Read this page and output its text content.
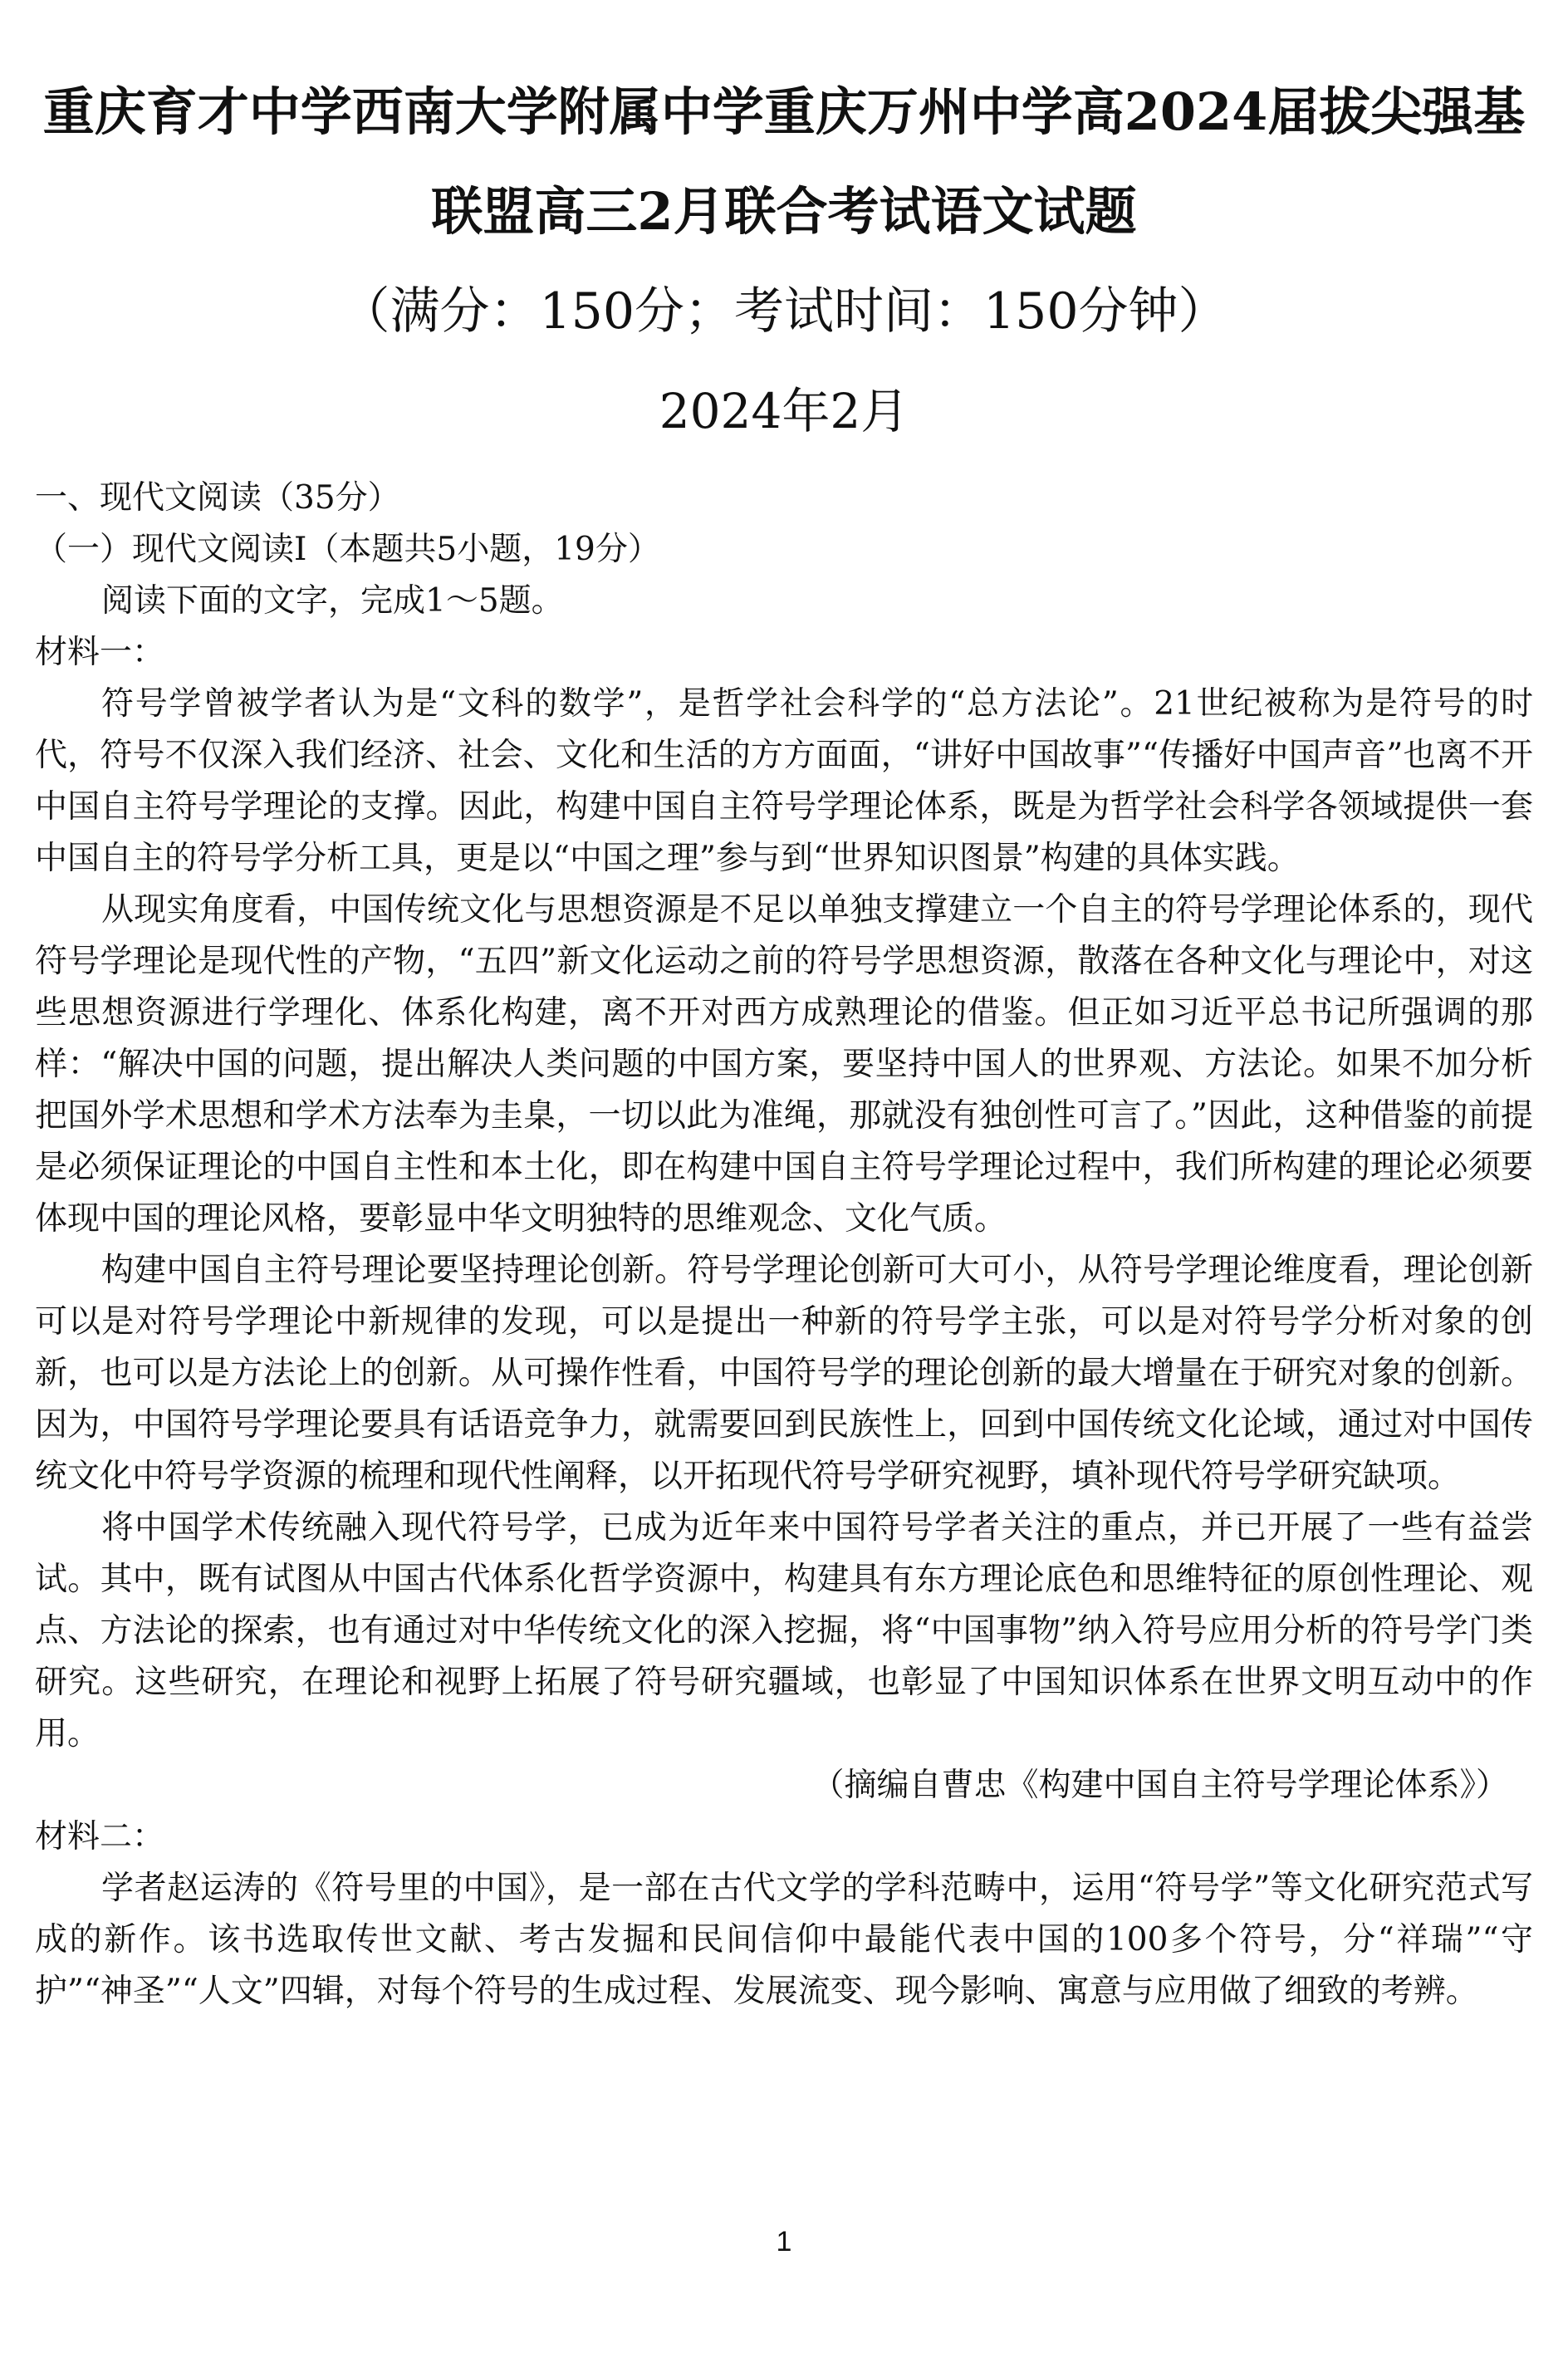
重庆育才中学西南大学附属中学重庆万州中学高2024届拔尖强基
联盟高三2月联合考试语文试题
（满分：150分；考试时间：150分钟）
2024年2月
一、现代文阅读（35分）
（一）现代文阅读Ⅰ（本题共5小题，19分）
阅读下面的文字，完成1～5题。
材料一：

符号学曾被学者认为是“文科的数学”，是哲学社会科学的“总方法论”。21世纪被称为是符号的时代，符号不仅深入我们经济、社会、文化和生活的方方面面，“讲好中国故事”“传播好中国声音”也离不开中国自主符号学理论的支撑。因此，构建中国自主符号学理论体系，既是为哲学社会科学各领域提供一套中国自主的符号学分析工具，更是以“中国之理”参与到“世界知识图景”构建的具体实践。

从现实角度看，中国传统文化与思想资源是不足以单独支撑建立一个自主的符号学理论体系的，现代符号学理论是现代性的产物，“五四”新文化运动之前的符号学思想资源，散落在各种文化与理论中，对这些思想资源进行学理化、体系化构建，离不开对西方成熟理论的借鉴。但正如习近平总书记所强调的那样：“解决中国的问题，提出解决人类问题的中国方案，要坚持中国人的世界观、方法论。如果不加分析把国外学术思想和学术方法奉为圭臬，一切以此为准绳，那就没有独创性可言了。”因此，这种借鉴的前提是必须保证理论的中国自主性和本土化，即在构建中国自主符号学理论过程中，我们所构建的理论必须要体现中国的理论风格，要彰显中华文明独特的思维观念、文化气质。

构建中国自主符号理论要坚持理论创新。符号学理论创新可大可小，从符号学理论维度看，理论创新可以是对符号学理论中新规律的发现，可以是提出一种新的符号学主张，可以是对符号学分析对象的创新，也可以是方法论上的创新。从可操作性看，中国符号学的理论创新的最大增量在于研究对象的创新。因为，中国符号学理论要具有话语竞争力，就需要回到民族性上，回到中国传统文化论域，通过对中国传统文化中符号学资源的梳理和现代性阐释，以开拓现代符号学研究视野，填补现代符号学研究缺项。

将中国学术传统融入现代符号学，已成为近年来中国符号学者关注的重点，并已开展了一些有益尝试。其中，既有试图从中国古代体系化哲学资源中，构建具有东方理论底色和思维特征的原创性理论、观点、方法论的探索，也有通过对中华传统文化的深入挖掘，将“中国事物”纳入符号应用分析的符号学门类研究。这些研究，在理论和视野上拓展了符号研究疆域，也彰显了中国知识体系在世界文明互动中的作用。

（摘编自曹忠《构建中国自主符号学理论体系》）
材料二：

学者赵运涛的《符号里的中国》，是一部在古代文学的学科范畴中，运用“符号学”等文化研究范式写成的新作。该书选取传世文献、考古发掘和民间信仰中最能代表中国的100多个符号，分“祥瑞”“守护”“神圣”“人文”四辑，对每个符号的生成过程、发展流变、现今影响、寓意与应用做了细致的考辨。

1
